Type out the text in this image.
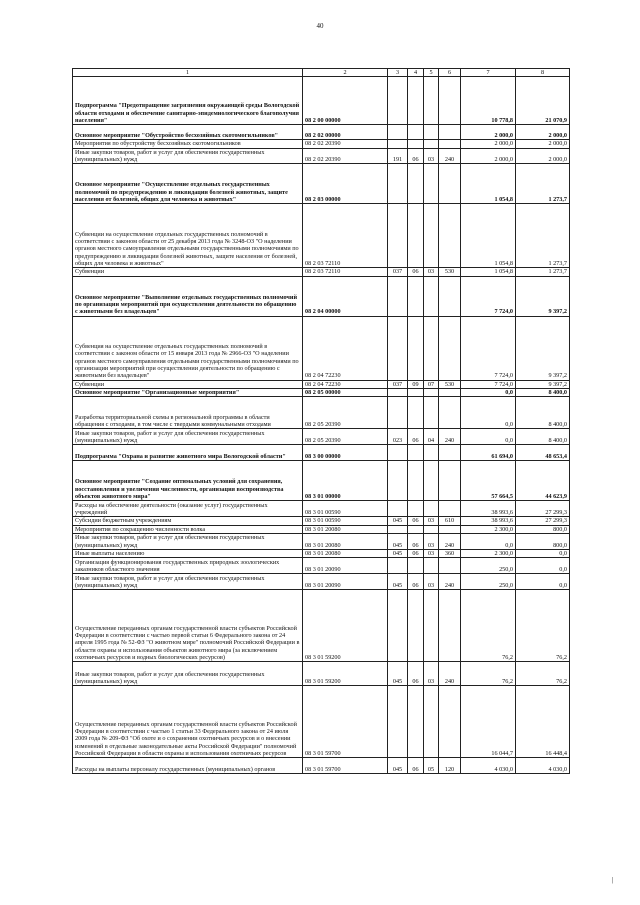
40
1	2	3	4	5	6	7	8
Подпрограмма "Предотвращение загрязнения окружающей среды Вологодской области отходами и обеспечение санитарно-эпидемиологического благополучия населения"	08 2 00 00000					10 778,8	21 070,9
Основное мероприятие "Обустройство бесхозяйных скотомогильников"	08 2 02 00000					2 000,0	2 000,0
Мероприятия по обустройству бесхозяйных скотомогильников	08 2 02 20390					2 000,0	2 000,0
Иные закупки товаров, работ и услуг для обеспечения государственных (муниципальных) нужд	08 2 02 20390	191	06	03	240	2 000,0	2 000,0
Основное мероприятие "Осуществление отдельных государственных полномочий по предупреждению и ликвидации болезней животных, защите населения от болезней, общих для человека и животных"	08 2 03 00000					1 054,8	1 273,7
Субвенции на осуществление отдельных государственных полномочий в соответствии с законом области от 25 декабря 2013 года № 3248-ОЗ "О наделении органов местного самоуправления отдельными государственными полномочиями по предупреждению и ликвидации болезней животных, защите населения от болезней, общих для человека и животных"	08 2 03 72110					1 054,8	1 273,7
Субвенции	08 2 03 72110	037	06	03	530	1 054,8	1 273,7
Основное мероприятие "Выполнение отдельных государственных полномочий по организации мероприятий при осуществлении деятельности по обращению с животными без владельцев"	08 2 04 00000					7 724,0	9 397,2
Субвенция на осуществление отдельных государственных полномочий в соответствии с законом области от 15 января 2013 года № 2966-ОЗ "О наделении органов местного самоуправления отдельными государственными полномочиями по организации мероприятий при осуществлении деятельности по обращению с животными без владельцев"	08 2 04 72230					7 724,0	9 397,2
Субвенции	08 2 04 72230	037	09	07	530	7 724,0	9 397,2
Основное мероприятие "Организационные мероприятия"	08 2 05 00000					0,0	8 400,0
Разработка территориальной схемы в региональной программы в области обращения с отходами, в том числе с твердыми коммунальными отходами	08 2 05 20390					0,0	8 400,0
Иные закупки товаров, работ и услуг для обеспечения государственных (муниципальных) нужд	08 2 05 20390	023	06	04	240	0,0	8 400,0
Подпрограмма "Охрана и развитие животного мира Вологодской области"	08 3 00 00000					61 694,0	48 653,4
Основное мероприятие "Создание оптимальных условий для сохранения, восстановления и увеличения численности, организация воспроизводства объектов животного мира"	08 3 01 00000					57 664,5	44 623,9
Расходы на обеспечение деятельности (оказание услуг) государственных учреждений	08 3 01 00590					38 993,6	27 299,3
Субсидии бюджетным учреждениям	08 3 01 00590	045	06	03	610	38 993,6	27 299,3
Мероприятия по сокращению численности волка	08 3 01 20080					2 300,0	800,0
Иные закупки товаров, работ и услуг для обеспечения государственных (муниципальных) нужд	08 3 01 20080	045	06	03	240	0,0	800,0
Иные выплаты населению	08 3 01 20080	045	06	03	360	2 300,0	0,0
Организация функционирования государственных природных зоологических заказников областного значения	08 3 01 20090					250,0	0,0
Иные закупки товаров, работ и услуг для обеспечения государственных (муниципальных) нужд	08 3 01 20090	045	06	03	240	250,0	0,0
Осуществление переданных органам государственной власти субъектов Российской Федерации в соответствии с частью первой статьи 6 Федерального закона от 24 апреля 1995 года № 52-ФЗ "О животном мире" полномочий Российской Федерации в области охраны и использования объектов животного мира (за исключением охотничьих ресурсов и водных биологических ресурсов)	08 3 01 59200					76,2	76,2
Иные закупки товаров, работ и услуг для обеспечения государственных (муниципальных) нужд	08 3 01 59200	045	06	03	240	76,2	76,2
Осуществление переданных органам государственной власти субъектов Российской Федерации в соответствии с частью 1 статьи 33 Федерального закона от 24 июля 2009 года № 209-ФЗ "Об охоте и о сохранении охотничьих ресурсов и о внесении изменений в отдельные законодательные акты Российской Федерации" полномочий Российской Федерации в области охраны и использования охотничьих ресурсов	08 3 01 59700					16 044,7	16 448,4
Расходы на выплаты персоналу государственных (муниципальных) органов	08 3 01 59700	045	06	05	120	4 030,0	4 030,0
|
